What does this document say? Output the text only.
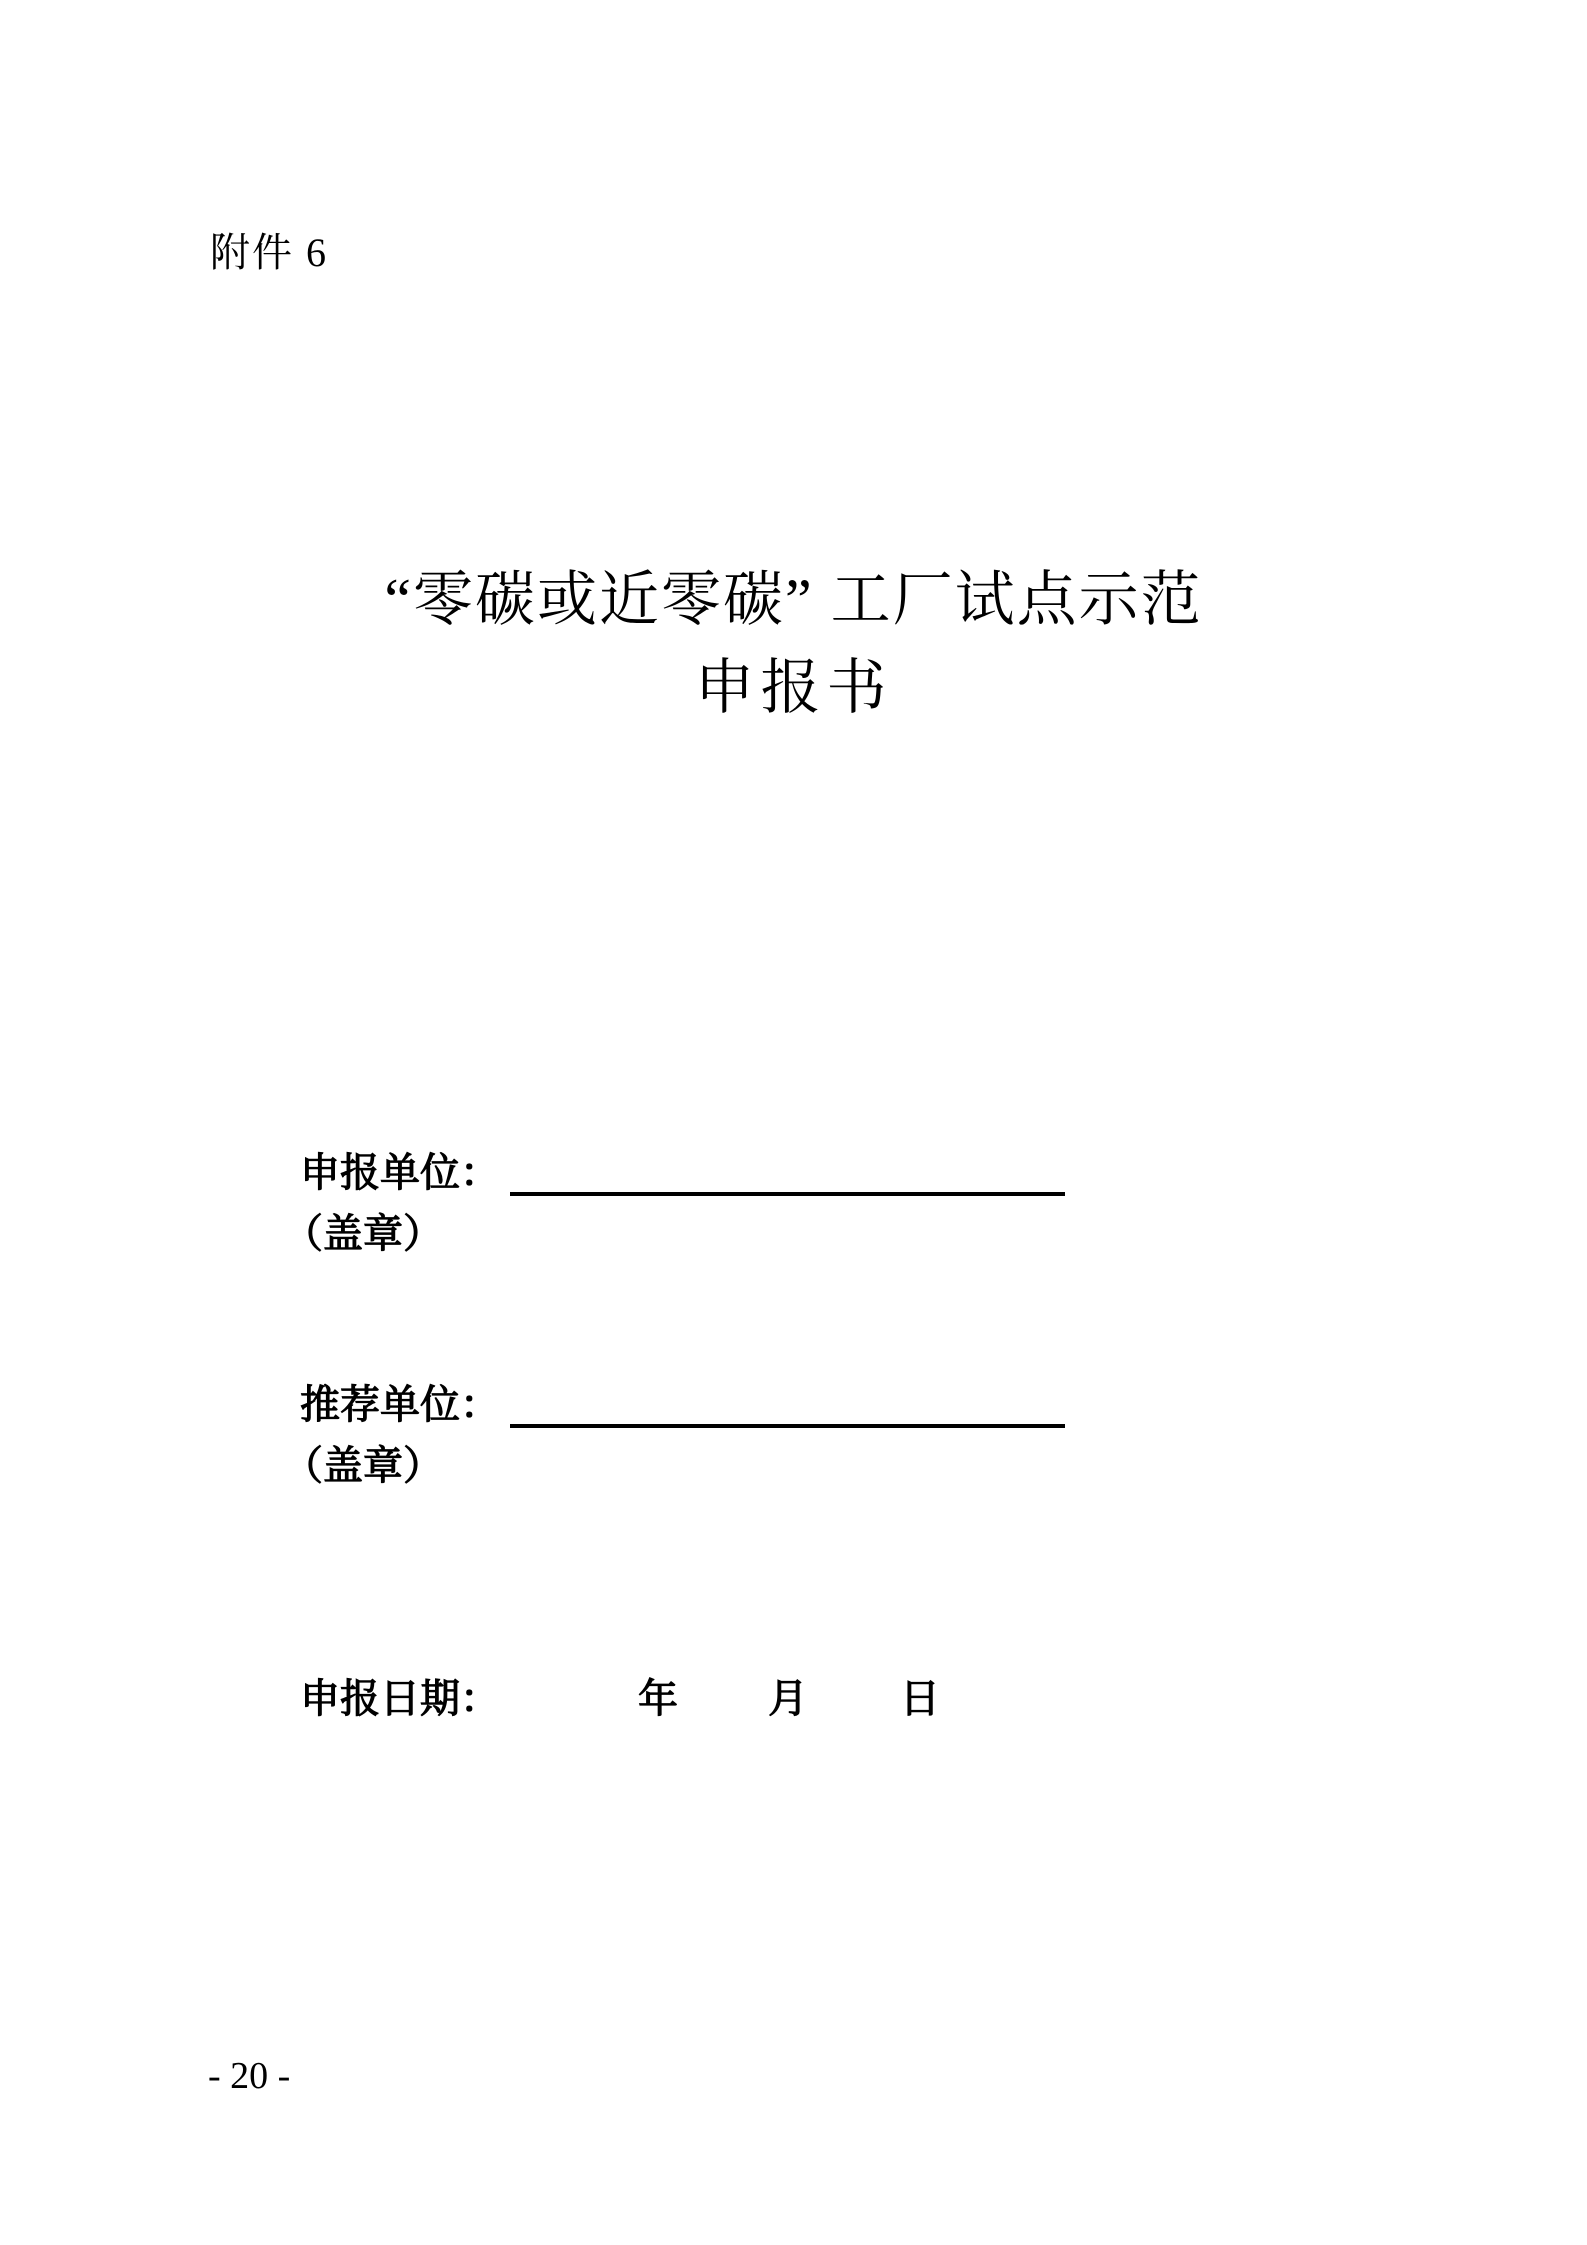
附件 6
“零碳或近零碳” 工厂试点示范
申报书
申报单位：
（盖章）
推荐单位：
（盖章）
申报日期：	年 月 日
- 20 -
